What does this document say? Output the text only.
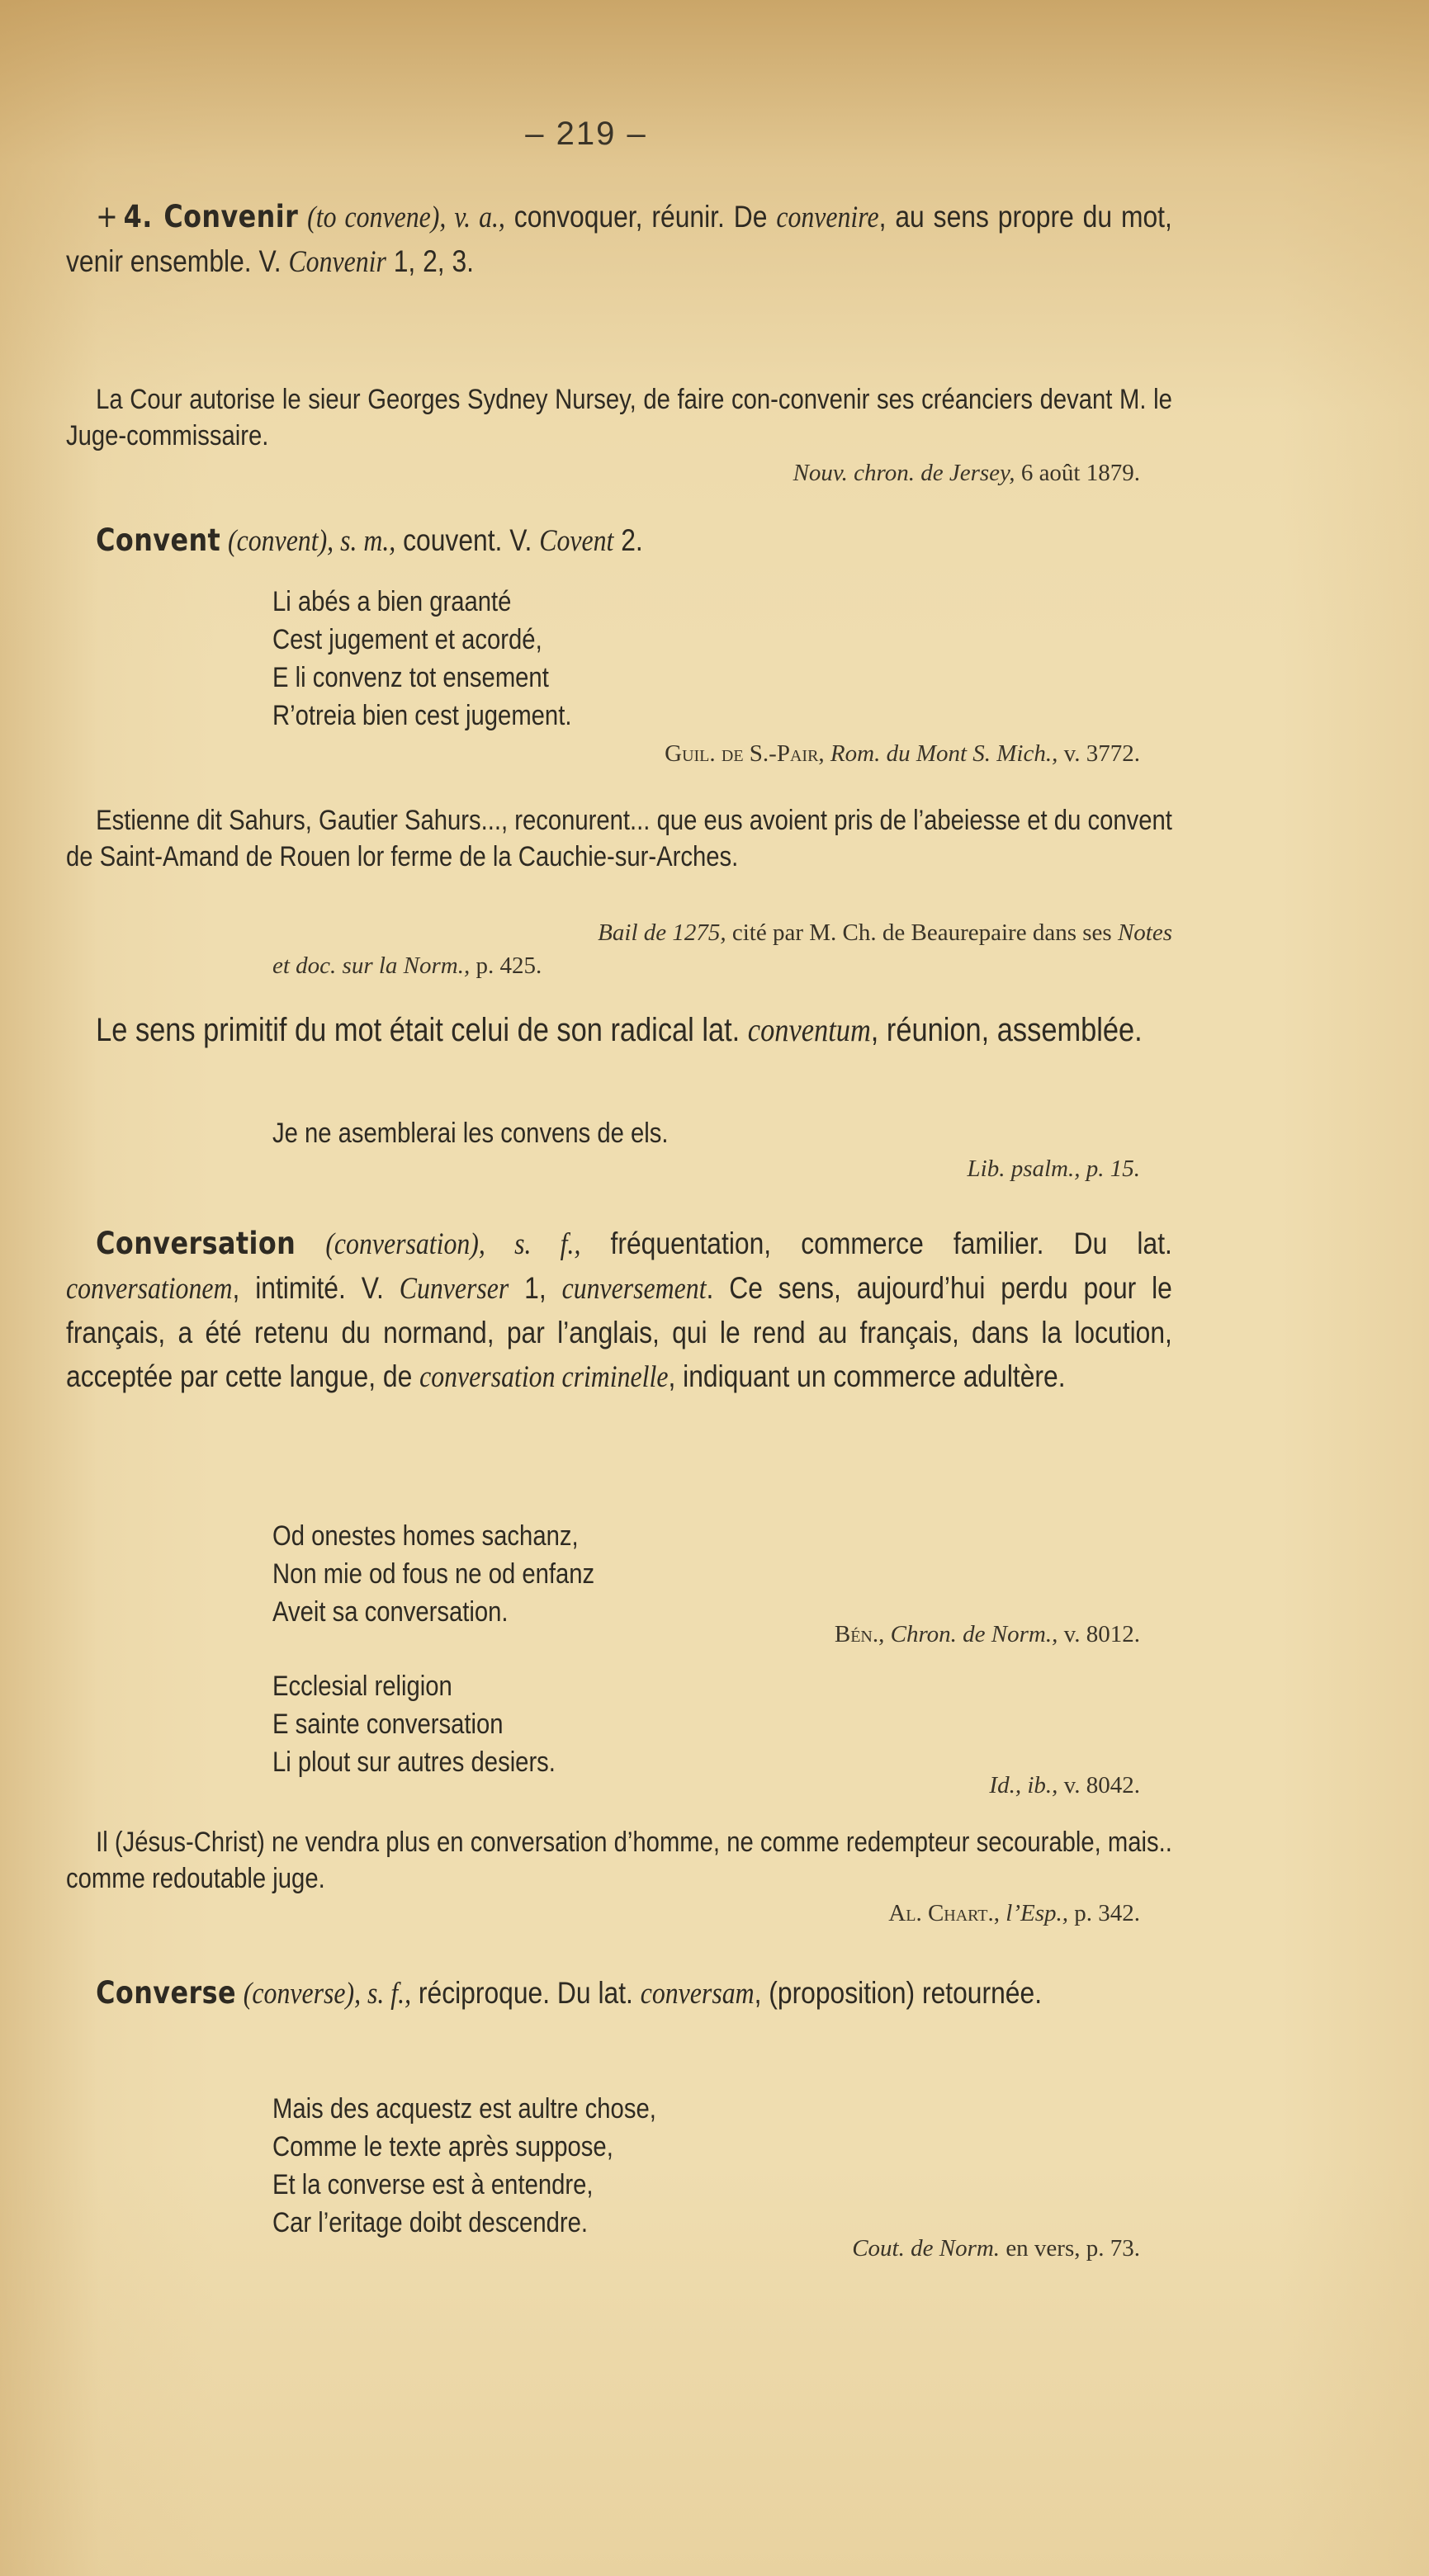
– 219 –
+ 4. Convenir (to convene), v. a., convoquer, réunir. De convenire, au sens propre du mot, venir ensemble. V. Convenir 1, 2, 3.
La Cour autorise le sieur Georges Sydney Nursey, de faire con-convenir ses créanciers devant M. le Juge-commissaire.
Nouv. chron. de Jersey, 6 août 1879.
Convent (convent), s. m., couvent. V. Covent 2.
Li abés a bien graanté
Cest jugement et acordé,
E li convenz tot ensement
R’otreia bien cest jugement.
Guil. de S.-Pair, Rom. du Mont S. Mich., v. 3772.
Estienne dit Sahurs, Gautier Sahurs..., reconurent... que eus avoient pris de l’abeiesse et du convent de Saint-Amand de Rouen lor ferme de la Cauchie-sur-Arches.
Bail de 1275, cité par M. Ch. de Beaurepaire dans ses Notes
et doc. sur la Norm., p. 425.
Le sens primitif du mot était celui de son radical lat. conventum, réunion, assemblée.
Je ne asemblerai les convens de els.
Lib. psalm., p. 15.
Conversation (conversation), s. f., fréquentation, commerce familier. Du lat. conversationem, intimité. V. Cunverser 1, cunversement. Ce sens, aujourd’hui perdu pour le français, a été retenu du normand, par l’anglais, qui le rend au français, dans la locution, acceptée par cette langue, de conversation criminelle, indiquant un commerce adultère.
Od onestes homes sachanz,
Non mie od fous ne od enfanz
Aveit sa conversation.
Bén., Chron. de Norm., v. 8012.
Ecclesial religion
E sainte conversation
Li plout sur autres desiers.
Id., ib., v. 8042.
Il (Jésus-Christ) ne vendra plus en conversation d’homme, ne comme redempteur secourable, mais.. comme redoutable juge.
Al. Chart., l’Esp., p. 342.
Converse (converse), s. f., réciproque. Du lat. conversam, (proposition) retournée.
Mais des acquestz est aultre chose,
Comme le texte après suppose,
Et la converse est à entendre,
Car l’eritage doibt descendre.
Cout. de Norm. en vers, p. 73.
